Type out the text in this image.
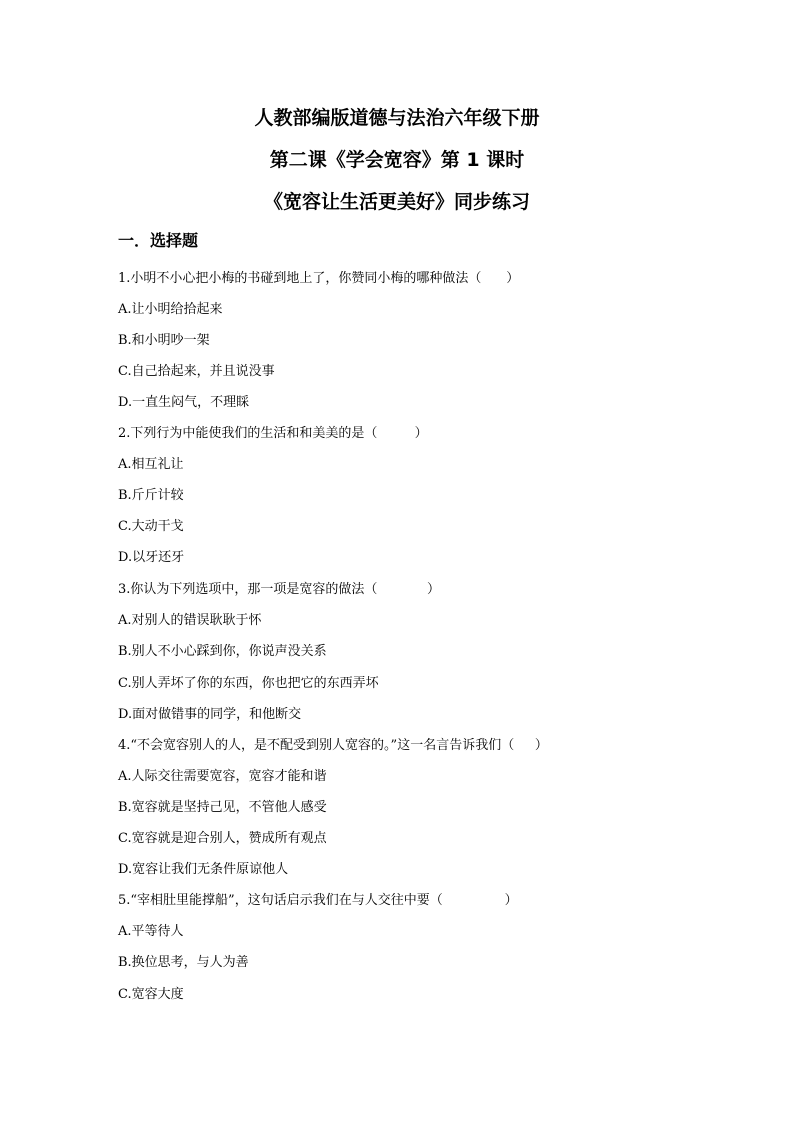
人教部编版道德与法治六年级下册
第二课《学会宽容》第 1 课时
《宽容让生活更美好》同步练习
一．选择题
1.小明不小心把小梅的书碰到地上了，你赞同小梅的哪种做法（      ）
A.让小明给拾起来
B.和小明吵一架
C.自己拾起来，并且说没事
D.一直生闷气，不理睬
2.下列行为中能使我们的生活和和美美的是（         ）
A.相互礼让
B.斤斤计较
C.大动干戈
D.以牙还牙
3.你认为下列选项中，那一项是宽容的做法（            ）
A.对别人的错误耿耿于怀
B.别人不小心踩到你，你说声没关系
C.别人弄坏了你的东西，你也把它的东西弄坏
D.面对做错事的同学，和他断交
4.“不会宽容别人的人，是不配受到别人宽容的。”这一名言告诉我们（     ）
A.人际交往需要宽容，宽容才能和谐
B.宽容就是坚持己见，不管他人感受
C.宽容就是迎合别人，赞成所有观点
D.宽容让我们无条件原谅他人
5.“宰相肚里能撑船”，这句话启示我们在与人交往中要（               ）
A.平等待人
B.换位思考，与人为善
C.宽容大度
